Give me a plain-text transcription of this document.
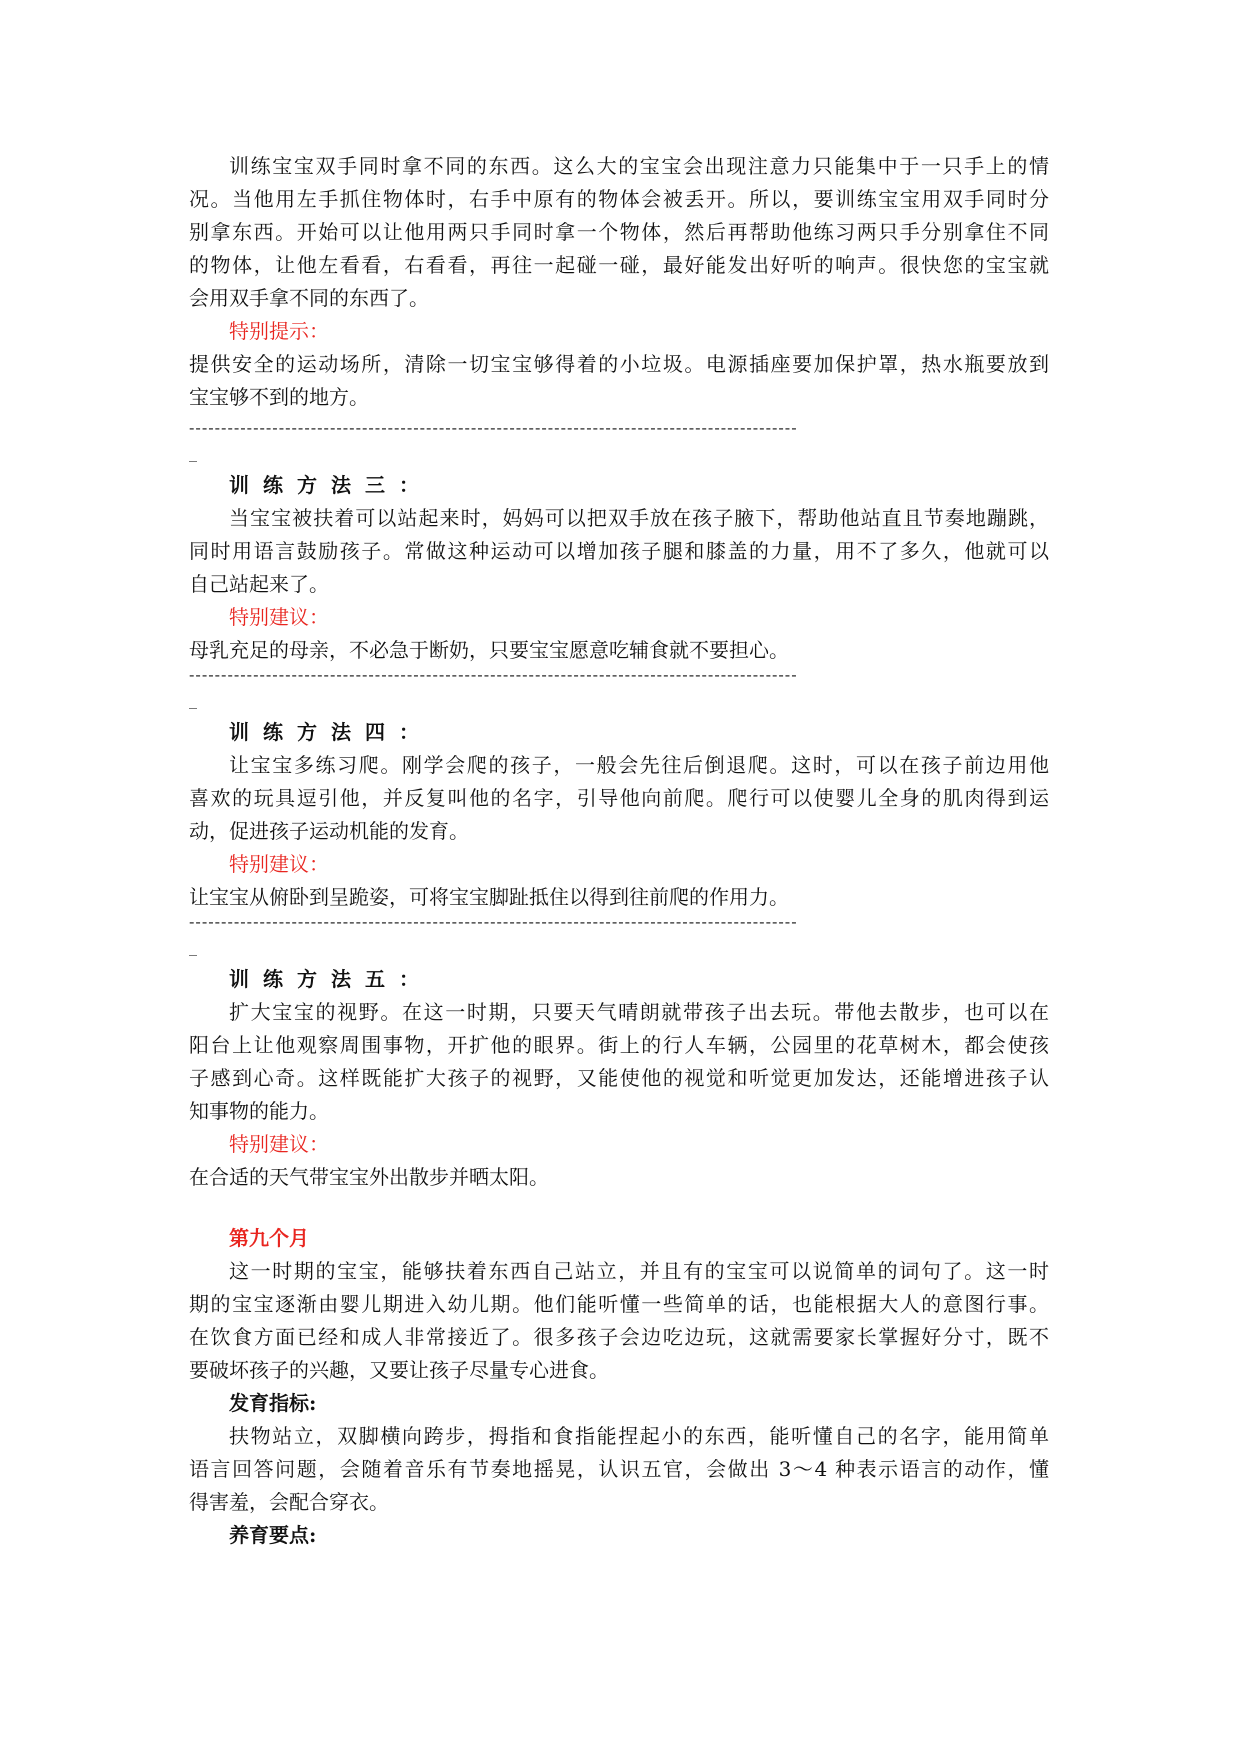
训练宝宝双手同时拿不同的东西。这么大的宝宝会出现注意力只能集中于一只手上的情
况。当他用左手抓住物体时，右手中原有的物体会被丢开。所以，要训练宝宝用双手同时分
别拿东西。开始可以让他用两只手同时拿一个物体，然后再帮助他练习两只手分别拿住不同
的物体，让他左看看，右看看，再往一起碰一碰，最好能发出好听的响声。很快您的宝宝就
会用双手拿不同的东西了。
特别提示：
提供安全的运动场所，清除一切宝宝够得着的小垃圾。电源插座要加保护罩，热水瓶要放到
宝宝够不到的地方。
-----------------------------------------------------------------------------------------------
_
训练方法三：
当宝宝被扶着可以站起来时，妈妈可以把双手放在孩子腋下，帮助他站直且节奏地蹦跳，
同时用语言鼓励孩子。常做这种运动可以增加孩子腿和膝盖的力量，用不了多久，他就可以
自己站起来了。
特别建议：
母乳充足的母亲，不必急于断奶，只要宝宝愿意吃辅食就不要担心。
-----------------------------------------------------------------------------------------------
_
训练方法四：
让宝宝多练习爬。刚学会爬的孩子，一般会先往后倒退爬。这时，可以在孩子前边用他
喜欢的玩具逗引他，并反复叫他的名字，引导他向前爬。爬行可以使婴儿全身的肌肉得到运
动，促进孩子运动机能的发育。
特别建议：
让宝宝从俯卧到呈跪姿，可将宝宝脚趾抵住以得到往前爬的作用力。
-----------------------------------------------------------------------------------------------
_
训练方法五：
扩大宝宝的视野。在这一时期，只要天气晴朗就带孩子出去玩。带他去散步，也可以在
阳台上让他观察周围事物，开扩他的眼界。街上的行人车辆，公园里的花草树木，都会使孩
子感到心奇。这样既能扩大孩子的视野，又能使他的视觉和听觉更加发达，还能增进孩子认
知事物的能力。
特别建议：
在合适的天气带宝宝外出散步并晒太阳。
第九个月
这一时期的宝宝，能够扶着东西自己站立，并且有的宝宝可以说简单的词句了。这一时
期的宝宝逐渐由婴儿期进入幼儿期。他们能听懂一些简单的话，也能根据大人的意图行事。
在饮食方面已经和成人非常接近了。很多孩子会边吃边玩，这就需要家长掌握好分寸，既不
要破坏孩子的兴趣，又要让孩子尽量专心进食。
发育指标:
扶物站立，双脚横向跨步，拇指和食指能捏起小的东西，能听懂自己的名字，能用简单
语言回答问题，会随着音乐有节奏地摇晃，认识五官，会做出 3～4 种表示语言的动作，懂
得害羞，会配合穿衣。
养育要点:
